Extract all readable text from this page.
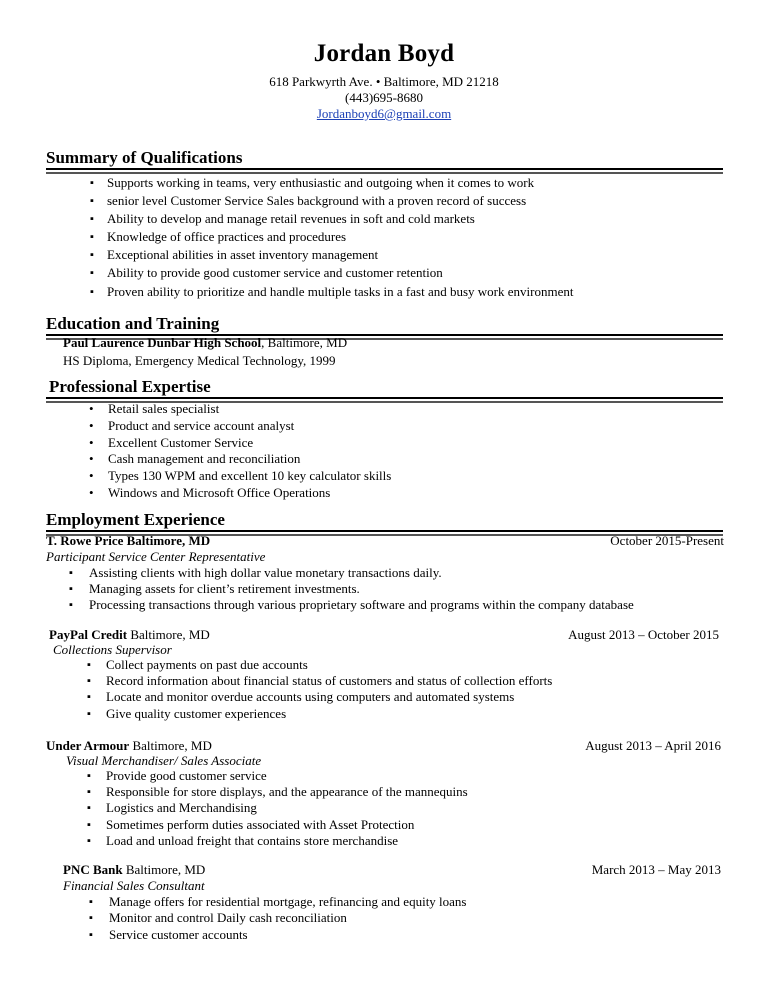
Jordan Boyd
618 Parkwyrth Ave. • Baltimore, MD 21218
(443)695-8680
Jordanboyd6@gmail.com
Summary of Qualifications
▪ Supports working in teams, very enthusiastic and outgoing when it comes to work
▪ senior level Customer Service Sales background with a proven record of success
▪ Ability to develop and manage retail revenues in soft and cold markets
▪ Knowledge of office practices and procedures
▪ Exceptional abilities in asset inventory management
▪ Ability to provide good customer service and customer retention
▪ Proven ability to prioritize and handle multiple tasks in a fast and busy work environment
Education and Training
Paul Laurence Dunbar High School, Baltimore, MD
HS Diploma, Emergency Medical Technology, 1999
Professional Expertise
• Retail sales specialist
• Product and service account analyst
• Excellent Customer Service
• Cash management and reconciliation
• Types 130 WPM and excellent 10 key calculator skills
• Windows and Microsoft Office Operations
Employment Experience
T. Rowe Price Baltimore, MD	October 2015-Present
Participant Service Center Representative
▪ Assisting clients with high dollar value monetary transactions daily.
▪ Managing assets for client’s retirement investments.
▪ Processing transactions through various proprietary software and programs within the company database
PayPal Credit Baltimore, MD	August 2013 – October 2015
Collections Supervisor
▪ Collect payments on past due accounts
▪ Record information about financial status of customers and status of collection efforts
▪ Locate and monitor overdue accounts using computers and automated systems
▪ Give quality customer experiences
Under Armour Baltimore, MD	August 2013 – April 2016
Visual Merchandiser/ Sales Associate
▪ Provide good customer service
▪ Responsible for store displays, and the appearance of the mannequins
▪ Logistics and Merchandising
▪ Sometimes perform duties associated with Asset Protection
▪ Load and unload freight that contains store merchandise
PNC Bank Baltimore, MD	March 2013 – May 2013
Financial Sales Consultant
▪ Manage offers for residential mortgage, refinancing and equity loans
▪ Monitor and control Daily cash reconciliation
▪ Service customer accounts
